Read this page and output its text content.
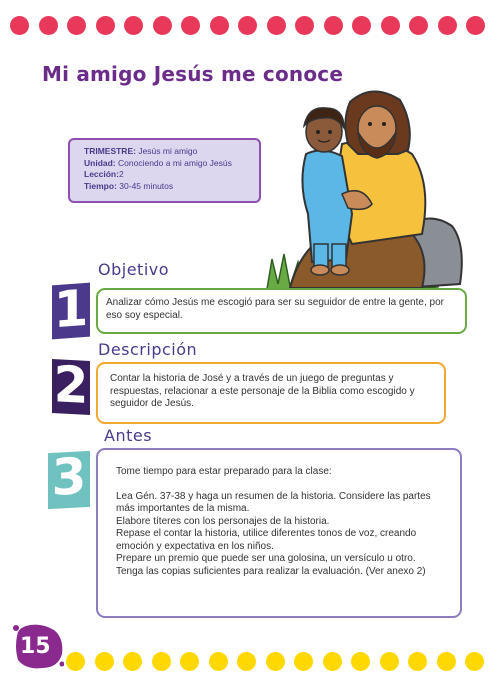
Mi amigo Jesús me conoce
TRIMESTRE: Jesús mi amigo
Unidad: Conociendo a mi amigo Jesús
Lección:2
Tiempo: 30-45 minutos
Objetivo
1	Analizar cómo Jesús me escogió para ser su seguidor de entre la gente, por eso soy especial.
Descripción
2	Contar la historia de José y a través de un juego de preguntas y respuestas, relacionar a este personaje de la Biblia como escogido y seguidor de Jesús.
Antes
3	Tome tiempo para estar preparado para la clase:
Lea Gén. 37-38 y haga un resumen de la historia. Considere las partes más importantes de la misma.
Elabore títeres con los personajes de la historia.
Repase el contar la historia, utilice diferentes tonos de voz, creando emoción y expectativa en los niños.
Prepare un premio que puede ser una golosina, un versículo u otro.
Tenga las copias suficientes para realizar la evaluación. (Ver anexo 2)
15
